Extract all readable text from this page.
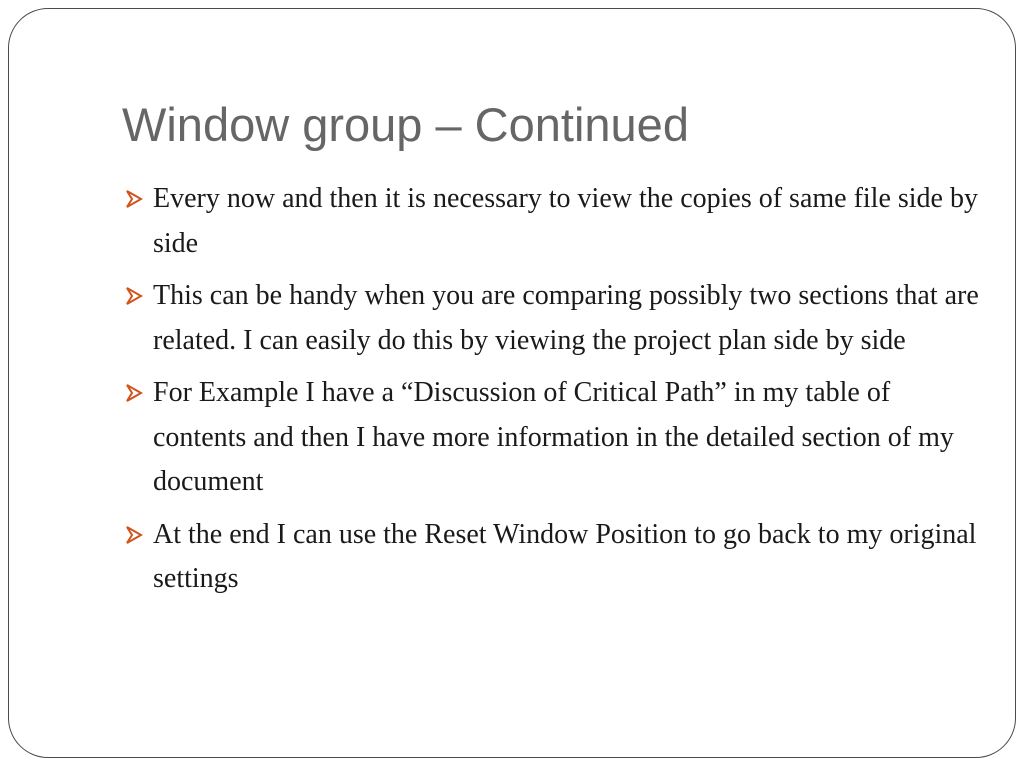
Window group – Continued
Every now and then it is necessary to view the copies of same file side by side
This can be handy when you are comparing possibly two sections that are related. I can easily do this by viewing the project plan side by side
For Example I have a “Discussion of Critical Path” in my table of contents and then I have more information in the detailed section of my document
At the end I can use the Reset Window Position to go back to my original settings
